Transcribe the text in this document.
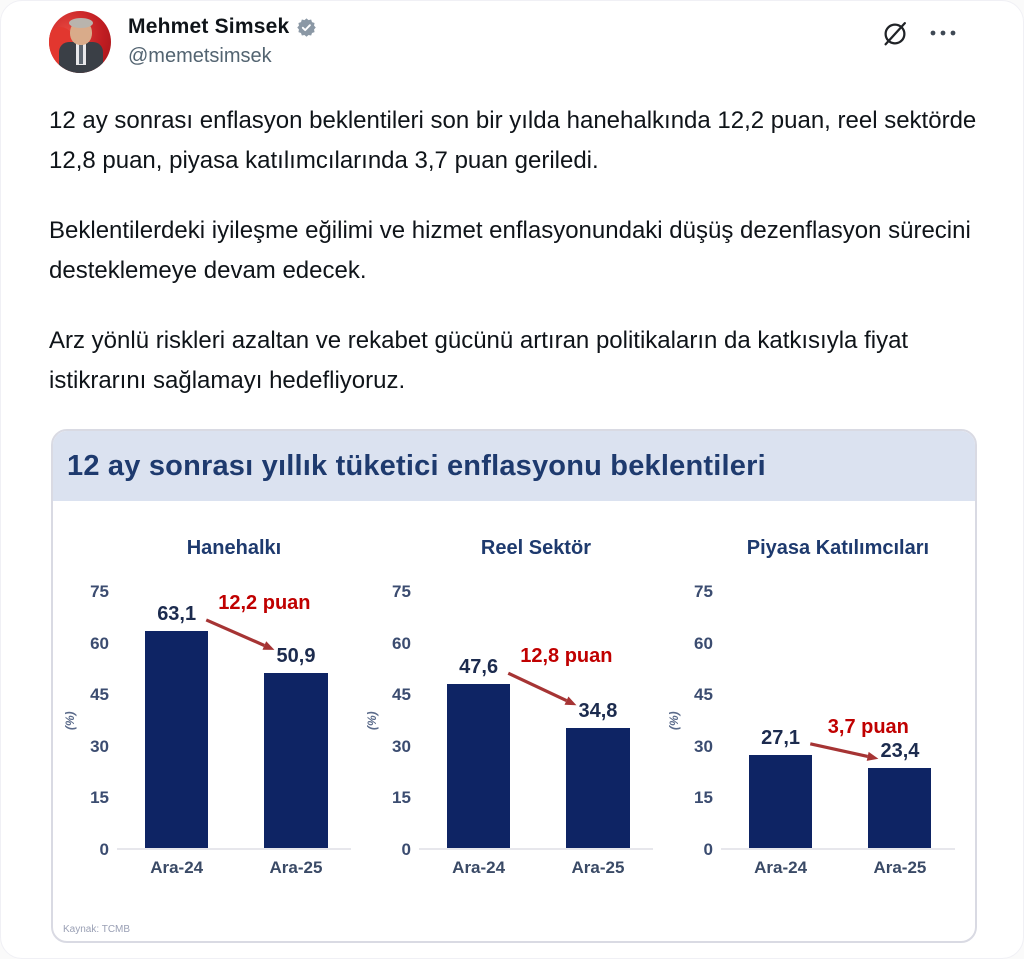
Mehmet Simsek
@memetsimsek

12 ay sonrası enflasyon beklentileri son bir yılda hanehalkında 12,2 puan, reel sektörde 12,8 puan, piyasa katılımcılarında 3,7 puan geriledi.

Beklentilerdeki iyileşme eğilimi ve hizmet enflasyonundaki düşüş dezenflasyon sürecini desteklemeye devam edecek.

Arz yönlü riskleri azaltan ve rekabet gücünü artıran politikaların da katkısıyla fiyat istikrarını sağlamayı hedefliyoruz.

12 ay sonrası yıllık tüketici enflasyonu beklentileri
Hanehalkı
(%)
0
15
30
45
60
75
63,1
50,9
12,2 puan
Ara-24	Ara-25
Reel Sektör
(%)
0
15
30
45
60
75
47,6
34,8
12,8 puan
Ara-24	Ara-25
Piyasa Katılımcıları
(%)
0
15
30
45
60
75
27,1
23,4
3,7 puan
Ara-24	Ara-25
Kaynak: TCMB
